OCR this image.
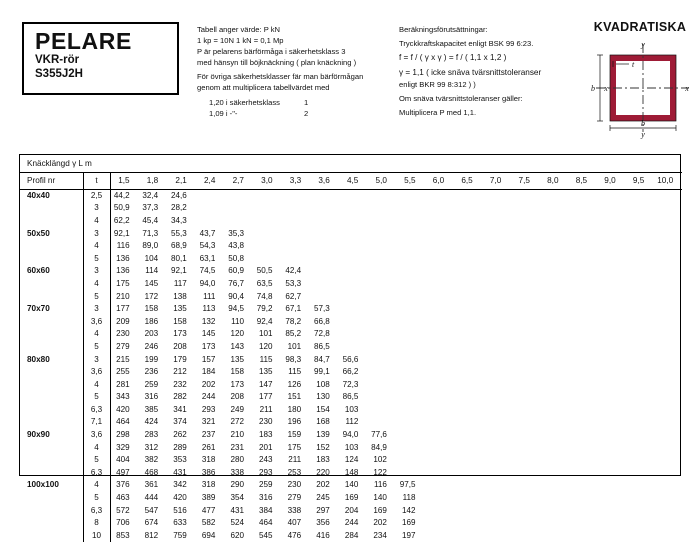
PELARE
VKR-rör
S355J2H
Tabell anger värde: P kN
1 kp = 10N 1 kN = 0,1 Mp
P är pelarens bärförmåga i säkerhetsklass 3
med hänsyn till böjknäckning ( plan knäckning )
För övriga säkerhetsklasser fär man bärförmågan
genom att multiplicera tabellvärdet med
1,20 i säkerhetsklass	1
1,09 i -"-	2
Beräkningsförutsättningar:
Tryckkraftskapacitet enligt BSK 99 6:23.
f = f / ( γ x γ ) = f / ( 1,1 x 1,2 )
γ = 1,1 ( icke snäva tvärsnittstoleranser
enligt BKR 99 8:312 ) )
Om snäva tvärsnittstoleranser gäller:
Multiplicera P med 1,1.
KVADRATISKA
y
y
x	x
b
b
t
Knäcklängd γ L m																					
Profil nr	t	1,5	1,8	2,1	2,4	2,7	3,0	3,3	3,6	4,5	5,0	5,5	6,0	6,5	7,0	7,5	8,0	8,5	9,0	9,5	10,0
40x40	2,5	44,2	32,4	24,6																	
	3	50,9	37,3	28,2																	
	4	62,2	45,4	34,3																	
50x50	3	92,1	71,3	55,3	43,7	35,3															
	4	116	89,0	68,9	54,3	43,8															
	5	136	104	80,1	63,1	50,8															
60x60	3	136	114	92,1	74,5	60,9	50,5	42,4													
	4	175	145	117	94,0	76,7	63,5	53,3													
	5	210	172	138	111	90,4	74,8	62,7													
70x70	3	177	158	135	113	94,5	79,2	67,1	57,3												
	3,6	209	186	158	132	110	92,4	78,2	66,8												
	4	230	203	173	145	120	101	85,2	72,8												
	5	279	246	208	173	143	120	101	86,5												
80x80	3	215	199	179	157	135	115	98,3	84,7	56,6											
	3,6	255	236	212	184	158	135	115	99,1	66,2											
	4	281	259	232	202	173	147	126	108	72,3											
	5	343	316	282	244	208	177	151	130	86,5											
	6,3	420	385	341	293	249	211	180	154	103											
	7,1	464	424	374	321	272	230	196	168	112											
90x90	3,6	298	283	262	237	210	183	159	139	94,0	77,6										
	4	329	312	289	261	231	201	175	152	103	84,9										
	5	404	382	353	318	280	243	211	183	124	102										
	6,3	497	468	431	386	338	293	253	220	148	122										
100x100	4	376	361	342	318	290	259	230	202	140	116	97,5									
	5	463	444	420	389	354	316	279	245	169	140	118									
	6,3	572	547	516	477	431	384	338	297	204	169	142									
	8	706	674	633	582	524	464	407	356	244	202	169									
	10	853	812	759	694	620	545	476	416	284	234	197									
